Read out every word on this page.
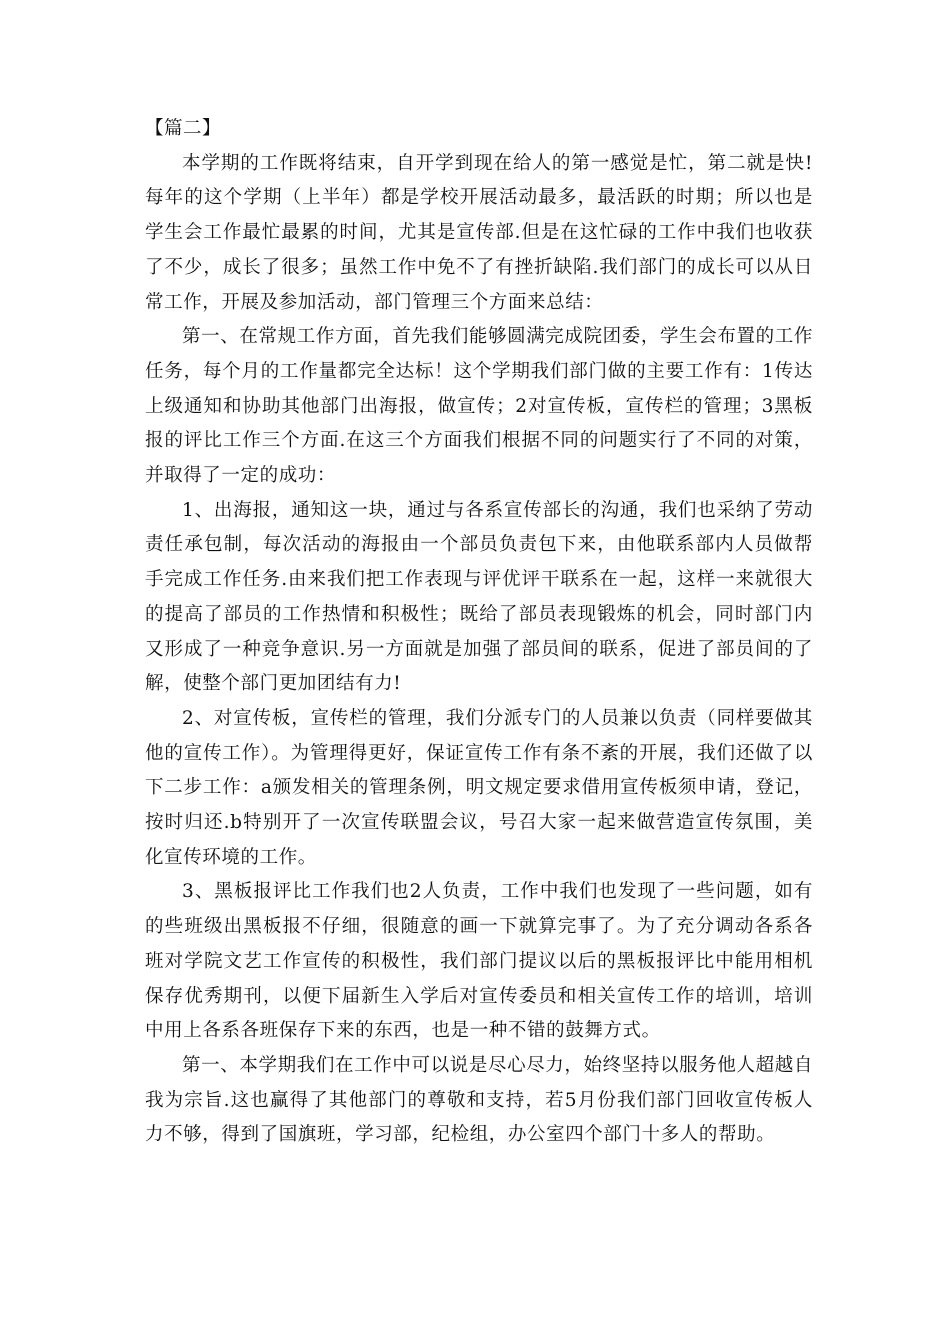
【篇二】

本学期的工作既将结束，自开学到现在给人的第一感觉是忙，第二就是快!每年的这个学期（上半年）都是学校开展活动最多，最活跃的时期；所以也是学生会工作最忙最累的时间，尤其是宣传部.但是在这忙碌的工作中我们也收获了不少，成长了很多；虽然工作中免不了有挫折缺陷.我们部门的成长可以从日常工作，开展及参加活动，部门管理三个方面来总结：

第一、在常规工作方面，首先我们能够圆满完成院团委，学生会布置的工作任务，每个月的工作量都完全达标！这个学期我们部门做的主要工作有：1传达上级通知和协助其他部门出海报，做宣传；2对宣传板，宣传栏的管理；3黑板报的评比工作三个方面.在这三个方面我们根据不同的问题实行了不同的对策，并取得了一定的成功：

1、出海报，通知这一块，通过与各系宣传部长的沟通，我们也采纳了劳动责任承包制，每次活动的海报由一个部员负责包下来，由他联系部内人员做帮手完成工作任务.由来我们把工作表现与评优评干联系在一起，这样一来就很大的提高了部员的工作热情和积极性；既给了部员表现锻炼的机会，同时部门内又形成了一种竞争意识.另一方面就是加强了部员间的联系，促进了部员间的了解，使整个部门更加团结有力!

2、对宣传板，宣传栏的管理，我们分派专门的人员兼以负责（同样要做其他的宣传工作）。为管理得更好，保证宣传工作有条不紊的开展，我们还做了以下二步工作：a颁发相关的管理条例，明文规定要求借用宣传板须申请，登记，按时归还.b特别开了一次宣传联盟会议，号召大家一起来做营造宣传氛围，美化宣传环境的工作。

3、黑板报评比工作我们也2人负责，工作中我们也发现了一些问题，如有的些班级出黑板报不仔细，很随意的画一下就算完事了。为了充分调动各系各班对学院文艺工作宣传的积极性，我们部门提议以后的黑板报评比中能用相机保存优秀期刊，以便下届新生入学后对宣传委员和相关宣传工作的培训，培训中用上各系各班保存下来的东西，也是一种不错的鼓舞方式。

第一、本学期我们在工作中可以说是尽心尽力，始终坚持以服务他人超越自我为宗旨.这也赢得了其他部门的尊敬和支持，若5月份我们部门回收宣传板人力不够，得到了国旗班，学习部，纪检组，办公室四个部门十多人的帮助。
